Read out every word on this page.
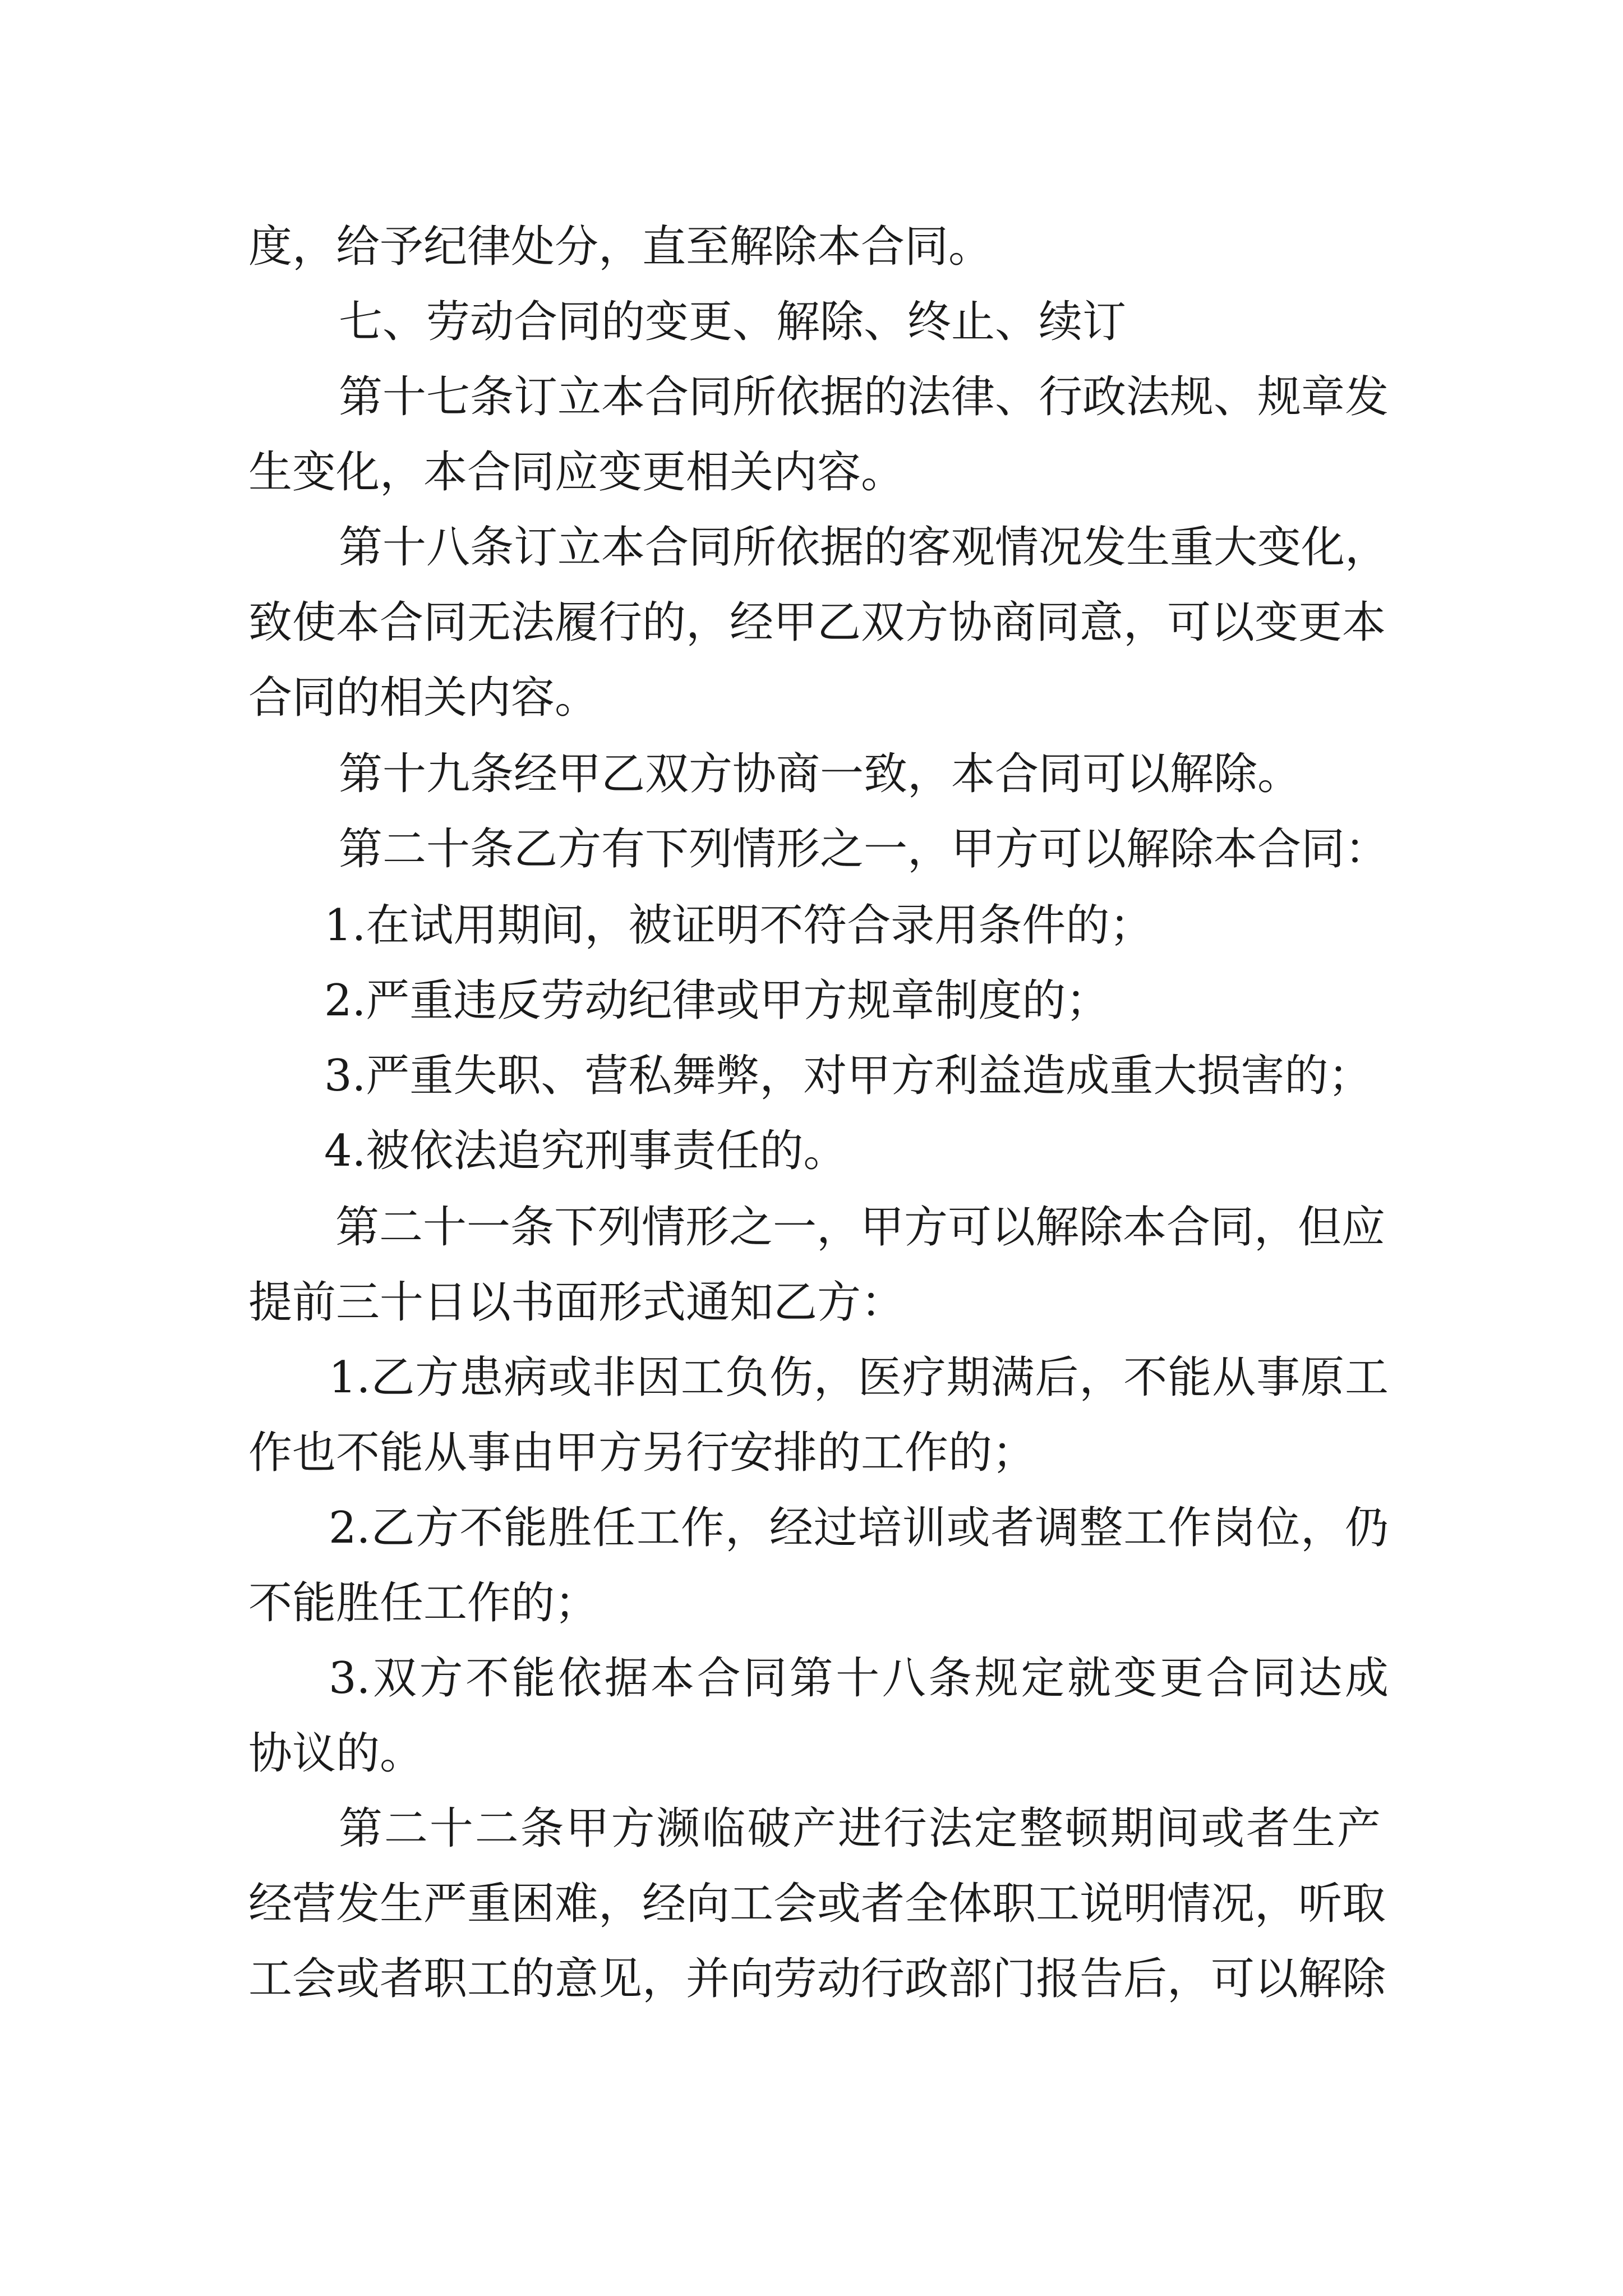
度，给予纪律处分，直至解除本合同。

七、劳动合同的变更、解除、终止、续订

第十七条订立本合同所依据的法律、行政法规、规章发

生变化，本合同应变更相关内容。

第十八条订立本合同所依据的客观情况发生重大变化，

致使本合同无法履行的，经甲乙双方协商同意，可以变更本

合同的相关内容。

第十九条经甲乙双方协商一致，本合同可以解除。

第二十条乙方有下列情形之一，甲方可以解除本合同：

1.在试用期间，被证明不符合录用条件的；

2.严重违反劳动纪律或甲方规章制度的；

3.严重失职、营私舞弊，对甲方利益造成重大损害的；

4.被依法追究刑事责任的。

第二十一条下列情形之一，甲方可以解除本合同，但应

提前三十日以书面形式通知乙方：

1.乙方患病或非因工负伤，医疗期满后，不能从事原工

作也不能从事由甲方另行安排的工作的；

2.乙方不能胜任工作，经过培训或者调整工作岗位，仍

不能胜任工作的；

3.双方不能依据本合同第十八条规定就变更合同达成

协议的。

第二十二条甲方濒临破产进行法定整顿期间或者生产

经营发生严重困难，经向工会或者全体职工说明情况，听取

工会或者职工的意见，并向劳动行政部门报告后，可以解除
